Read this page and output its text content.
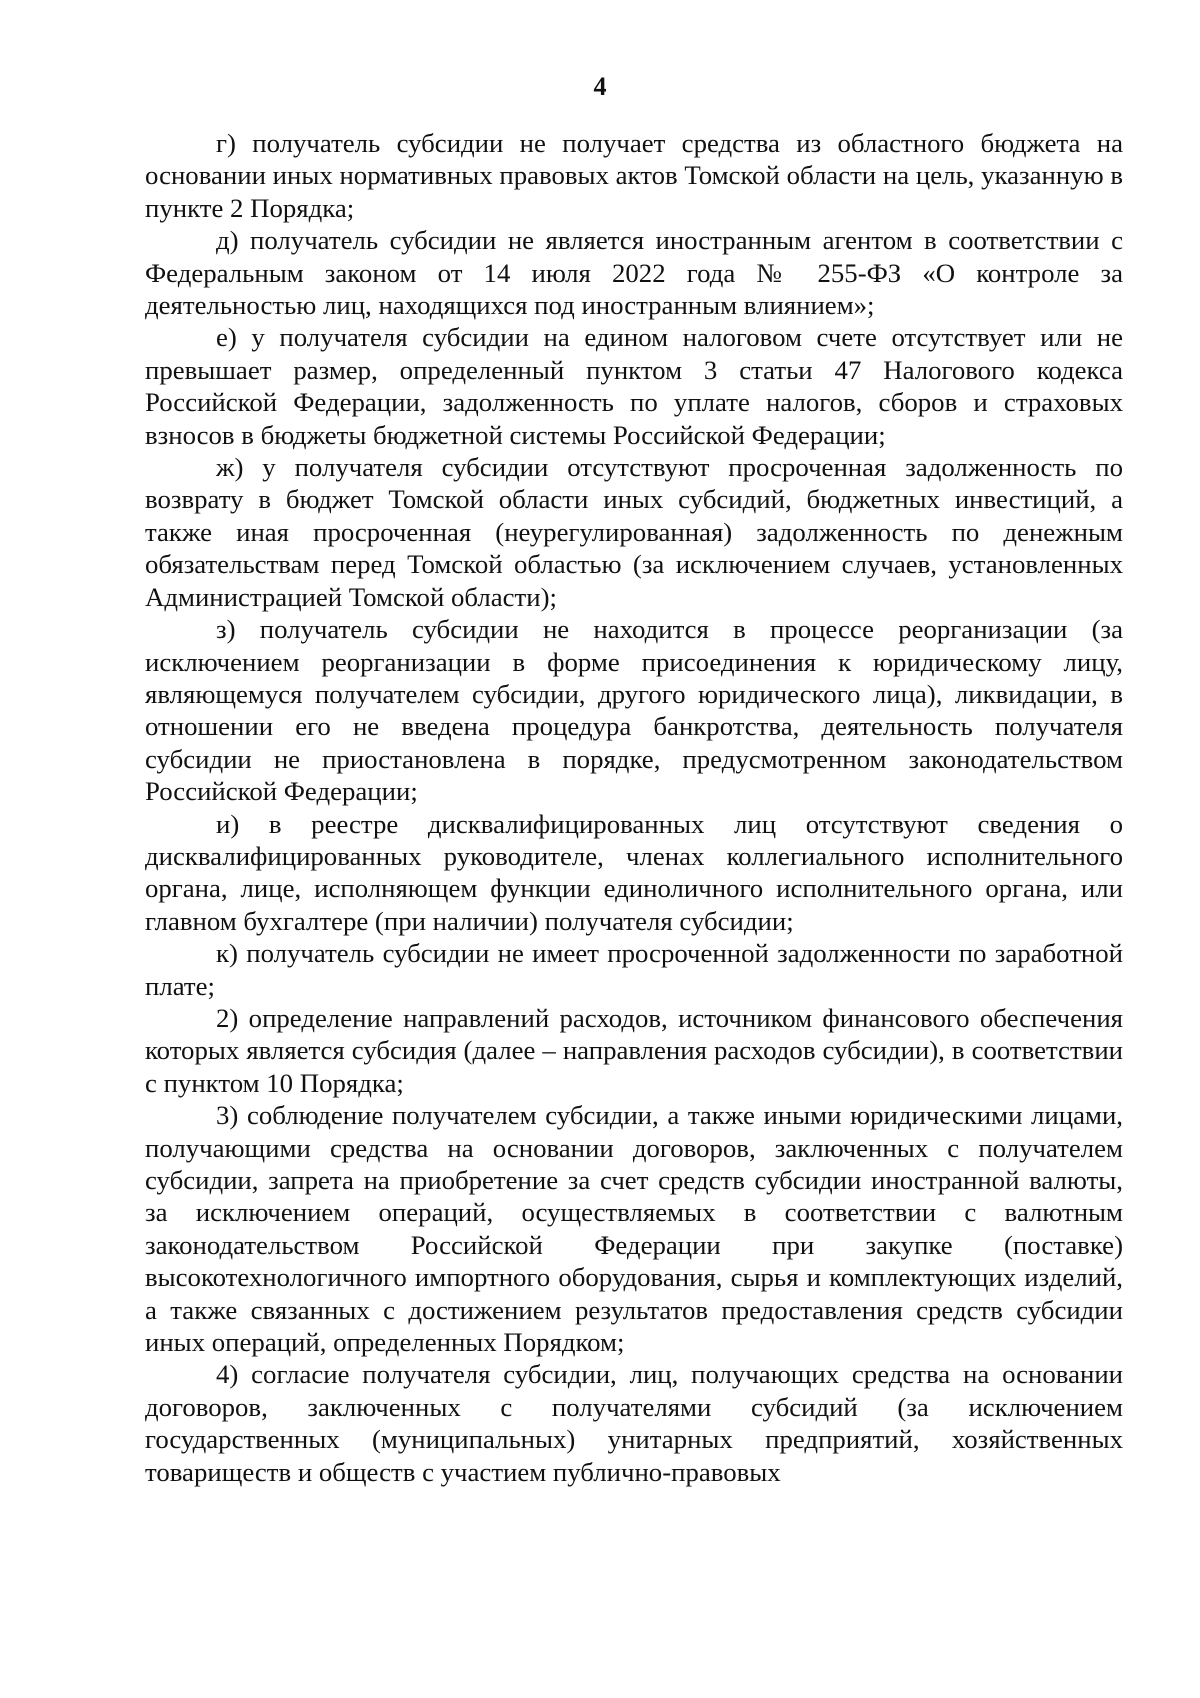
4

г) получатель субсидии не получает средства из областного бюджета на основании иных нормативных правовых актов Томской области на цель, указанную в пункте 2 Порядка;

д) получатель субсидии не является иностранным агентом в соответствии с Федеральным законом от 14 июля 2022 года № 255-ФЗ «О контроле за деятельностью лиц, находящихся под иностранным влиянием»;

е) у получателя субсидии на едином налоговом счете отсутствует или не превышает размер, определенный пунктом 3 статьи 47 Налогового кодекса Российской Федерации, задолженность по уплате налогов, сборов и страховых взносов в бюджеты бюджетной системы Российской Федерации;

ж) у получателя субсидии отсутствуют просроченная задолженность по возврату в бюджет Томской области иных субсидий, бюджетных инвестиций, а также иная просроченная (неурегулированная) задолженность по денежным обязательствам перед Томской областью (за исключением случаев, установленных Администрацией Томской области);

з) получатель субсидии не находится в процессе реорганизации (за исключением реорганизации в форме присоединения к юридическому лицу, являющемуся получателем субсидии, другого юридического лица), ликвидации, в отношении его не введена процедура банкротства, деятельность получателя субсидии не приостановлена в порядке, предусмотренном законодательством Российской Федерации;

и) в реестре дисквалифицированных лиц отсутствуют сведения о дисквалифицированных руководителе, членах коллегиального исполнительного органа, лице, исполняющем функции единоличного исполнительного органа, или главном бухгалтере (при наличии) получателя субсидии;

к) получатель субсидии не имеет просроченной задолженности по заработной плате;

2) определение направлений расходов, источником финансового обеспечения которых является субсидия (далее – направления расходов субсидии), в соответствии с пунктом 10 Порядка;

3) соблюдение получателем субсидии, а также иными юридическими лицами, получающими средства на основании договоров, заключенных с получателем субсидии, запрета на приобретение за счет средств субсидии иностранной валюты, за исключением операций, осуществляемых в соответствии с валютным законодательством Российской Федерации при закупке (поставке) высокотехнологичного импортного оборудования, сырья и комплектующих изделий, а также связанных с достижением результатов предоставления средств субсидии иных операций, определенных Порядком;

4) согласие получателя субсидии, лиц, получающих средства на основании договоров, заключенных с получателями субсидий (за исключением государственных (муниципальных) унитарных предприятий, хозяйственных товариществ и обществ с участием публично-правовых
